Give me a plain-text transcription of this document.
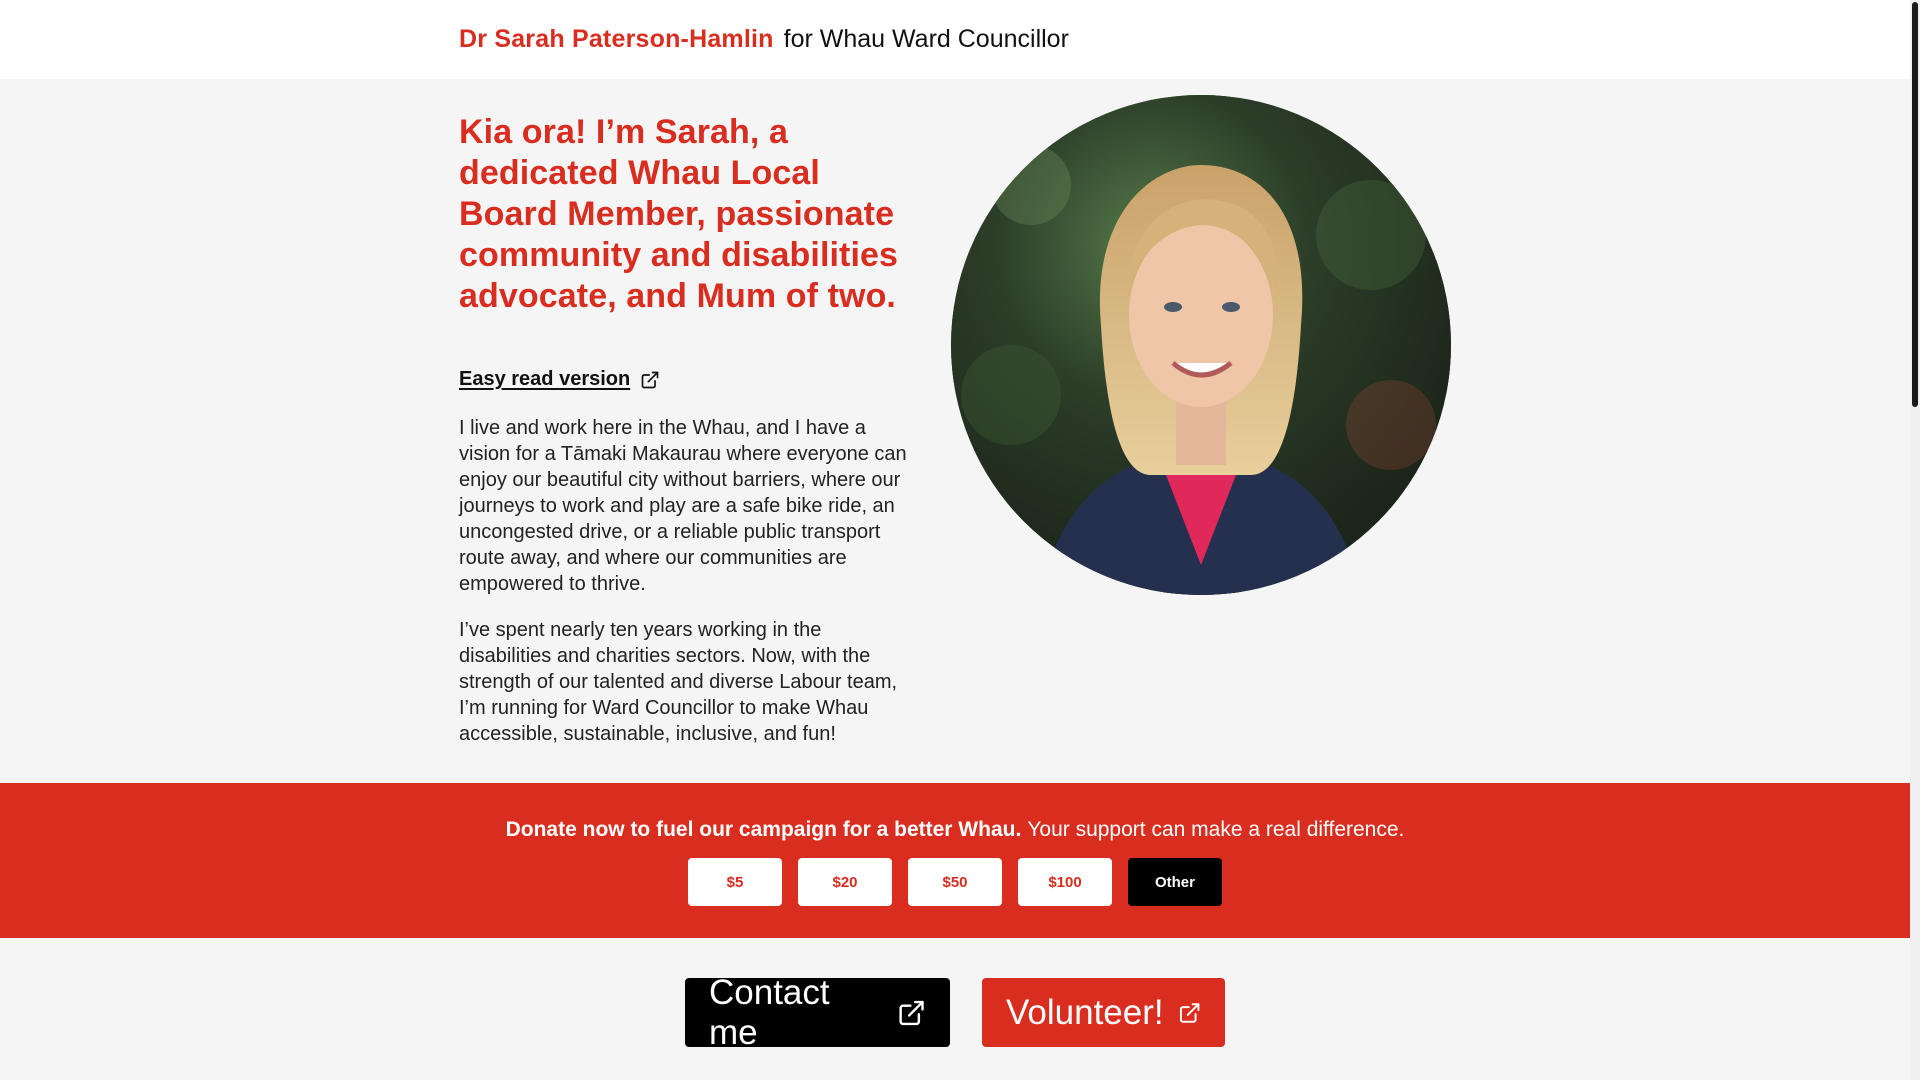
Dr Sarah Paterson-Hamlin for Whau Ward Councillor
Kia ora! I’m Sarah, a dedicated Whau Local Board Member, passionate community and disabilities advocate, and Mum of two.
Easy read version

I live and work here in the Whau, and I have a vision for a Tāmaki Makaurau where everyone can enjoy our beautiful city without barriers, where our journeys to work and play are a safe bike ride, an uncongested drive, or a reliable public transport route away, and where our communities are empowered to thrive.

I’ve spent nearly ten years working in the disabilities and charities sectors. Now, with the strength of our talented and diverse Labour team, I’m running for Ward Councillor to make Whau accessible, sustainable, inclusive, and fun!

Donate now to fuel our campaign for a better Whau. Your support can make a real difference.
$5	$20	$50	$100	Other
Contact me
Volunteer!
